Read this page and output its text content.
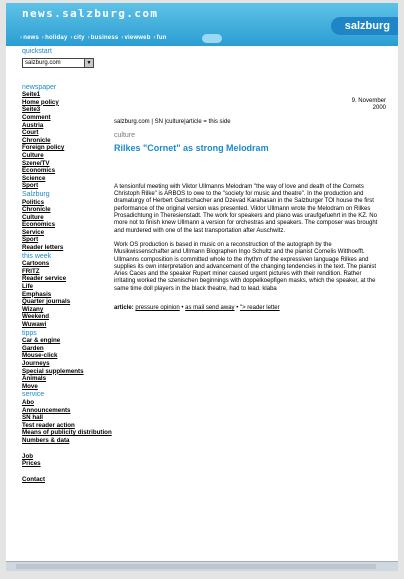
news.salzburg.com
salzburg
›news ›holiday ›city ›business ›viewweb ›fun
quickstart
salzburg.com	▼
newspaper
Seite1
Home policy
Seite3
Comment
Austria
Court
Chronicle
Foreign policy
Culture
Szene/TV
Economics
Science
Sport
Salzburg
Politics
Chronicle
Culture
Economics
Service
Sport
Reader letters
this week
Cartoons
FRITZ
Reader service
Life
Emphasis
Quarter journals
Wizany
Weekend
Wuwawi
tipps
Car & engine
Garden
Mouse-click
Journeys
Special supplements
Animals
Move
service
Abo
Announcements
SN hall
Test reader action
Means of publicity distribution
Numbers & data
Job
Prices
Contact
9. November
2000
salzburg.com | SN |culture|article = this side
culture
Rilkes "Cornet" as strong Melodram
A tensionful meeting with Viktor Ullmanns Melodram "the way of love and death of the Cornets Christoph Rilke" is ARBOS to owe to the "society for music and theatre". In the production and dramaturgy of Herbert Gantschacher and Dzevad Karahasan in the Salzburger TOI house the first performance of the original version was presented. Viktor Ullmann wrote the Melodram on Rilkes Prosadichtung in Theresienstadt. The work for speakers and piano was uraufgefuehrt in the KZ. No more not to finish knew Ullmann a version for orchestras and speakers. The composer was brought and murdered with one of the last transportation after Auschwitz.
Work OS production is based in music on a reconstruction of the autograph by the Musikwissenschafter and Ullmann Biographen Ingo Schultz and the pianist Cornelis Witthoefft. Ullmanns composition is committed whole to the rhythm of the expressiven language Rilkes and supplies its own interpretation and advancement of the changing tendencies in the text. The pianist Aries Caces and the speaker Rupert miner caused urgent pictures with their rendition. Rather irritating worked the szenischen beginnings with doppelkoepfigen masks, which the speaker, at the same time doll players in the black theatre, had to lead. klaba
article: pressure opinion • as mail send away • "> reader letter
